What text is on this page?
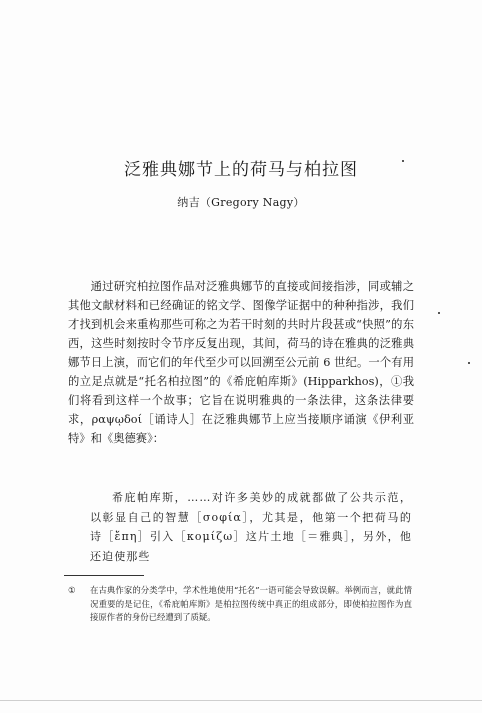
泛雅典娜节上的荷马与柏拉图
纳吉（Gregory Nagy）

通过研究柏拉图作品对泛雅典娜节的直接或间接指涉，同或辅之其他文献材料和已经确证的铭文学、图像学证据中的种种指涉，我们才找到机会来重构那些可称之为若干时刻的共时片段甚或“快照”的东西，这些时刻按时令节序反复出现，其间，荷马的诗在雅典的泛雅典娜节日上演，而它们的年代至少可以回溯至公元前 6 世纪。一个有用的立足点就是“托名柏拉图”的《希庇帕库斯》(Hipparkhos)，①我们将看到这样一个故事；它旨在说明雅典的一条法律，这条法律要求，ραψῳδοί［诵诗人］在泛雅典娜节上应当接顺序诵演《伊利亚特》和《奥德赛》：

希庇帕库斯，……对许多美妙的成就都做了公共示范，以彰显自己的智慧［σοφία］，尤其是，他第一个把荷马的诗［ἔπη］引入［κομίζω］这片土地［＝雅典］，另外，他还迫使那些

① 在古典作家的分类学中，学术性地使用“托名”一语可能会导致误解。举例而言，就此情况重要的是记住，《希庇帕库斯》是柏拉图传统中真正的组成部分，即使柏拉图作为直接原作者的身份已经遭到了质疑。
